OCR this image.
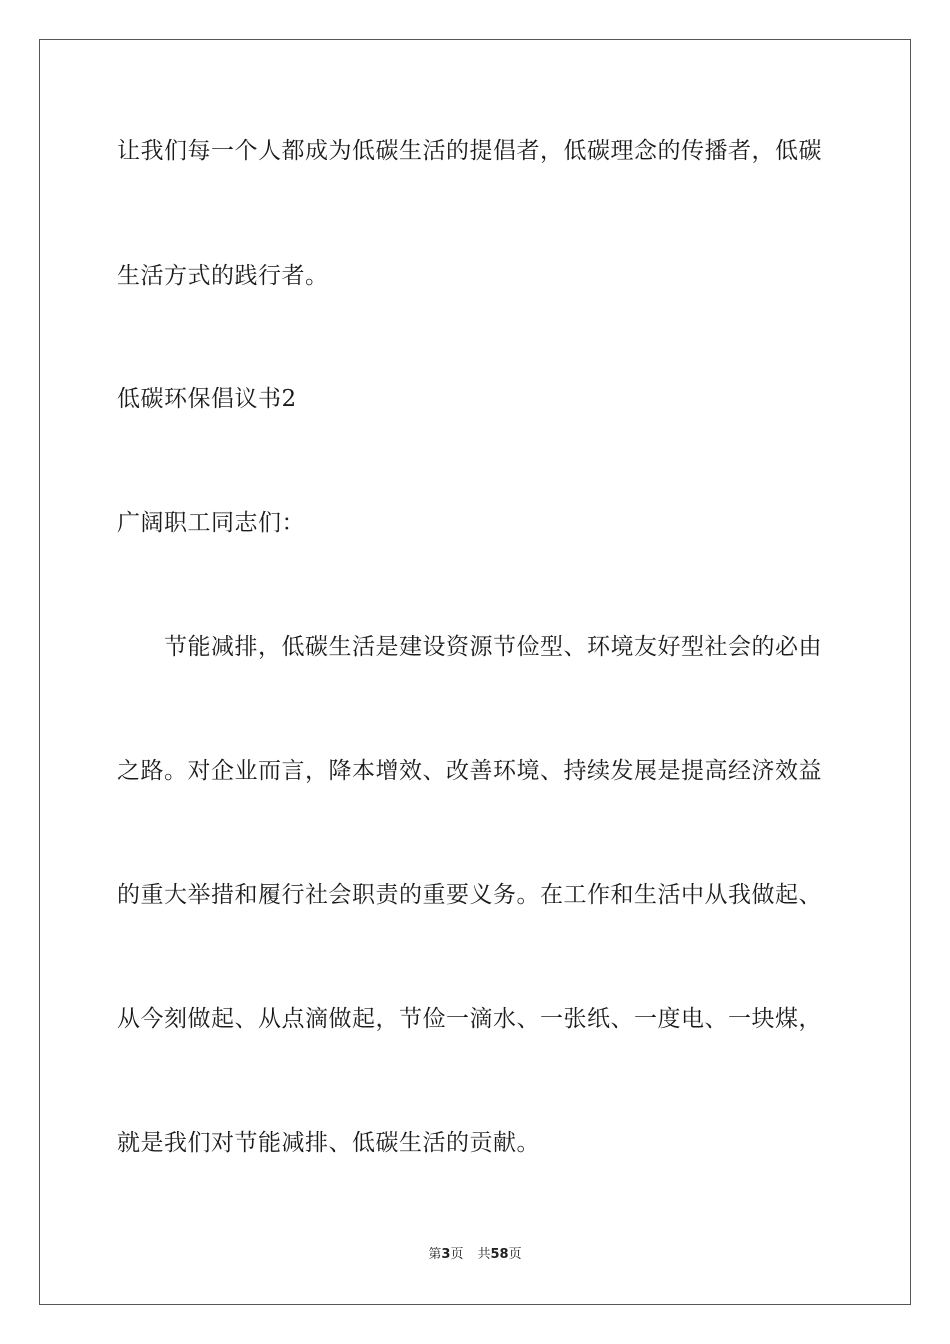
让我们每一个人都成为低碳生活的提倡者，低碳理念的传播者，低碳
生活方式的践行者。
低碳环保倡议书2
广阔职工同志们：
节能减排，低碳生活是建设资源节俭型、环境友好型社会的必由
之路。对企业而言，降本增效、改善环境、持续发展是提高经济效益
的重大举措和履行社会职责的重要义务。在工作和生活中从我做起、
从今刻做起、从点滴做起，节俭一滴水、一张纸、一度电、一块煤，
就是我们对节能减排、低碳生活的贡献。
第3页 共58页
